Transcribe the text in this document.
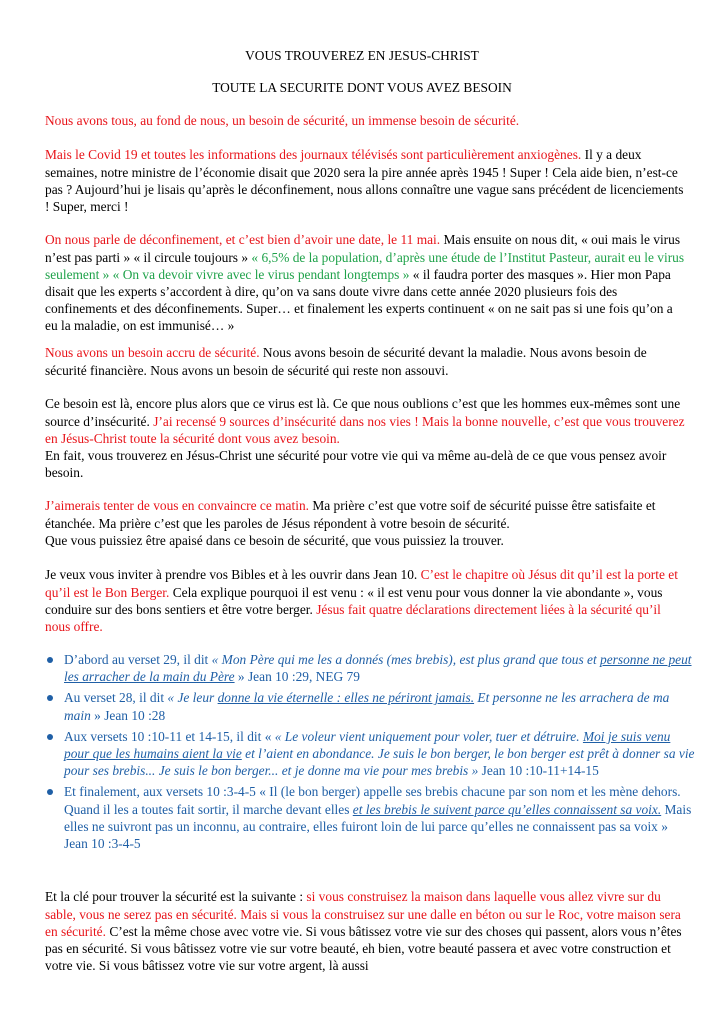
VOUS TROUVEREZ EN JESUS-CHRIST
TOUTE LA SECURITE DONT VOUS AVEZ BESOIN

Nous avons tous, au fond de nous, un besoin de sécurité, un immense besoin de sécurité.

Mais le Covid 19 et toutes les informations des journaux télévisés sont particulièrement anxiogènes. Il y a deux semaines, notre ministre de l’économie disait que 2020 sera la pire année après 1945 ! Super ! Cela aide bien, n’est-ce pas ? Aujourd’hui je lisais qu’après le déconfinement, nous allons connaître une vague sans précédent de licenciements ! Super, merci !

On nous parle de déconfinement, et c’est bien d’avoir une date, le 11 mai. Mais ensuite on nous dit, « oui mais le virus n’est pas parti » « il circule toujours » « 6,5% de la population, d’après une étude de l’Institut Pasteur, aurait eu le virus seulement » « On va devoir vivre avec le virus pendant longtemps » « il faudra porter des masques ». Hier mon Papa disait que les experts s’accordent à dire, qu’on va sans doute vivre dans cette année 2020 plusieurs fois des confinements et des déconfinements. Super… et finalement les experts continuent « on ne sait pas si une fois qu’on a eu la maladie, on est immunisé… »

Nous avons un besoin accru de sécurité. Nous avons besoin de sécurité devant la maladie. Nous avons besoin de sécurité financière. Nous avons un besoin de sécurité qui reste non assouvi.

Ce besoin est là, encore plus alors que ce virus est là. Ce que nous oublions c’est que les hommes eux-mêmes sont une source d’insécurité. J’ai recensé 9 sources d’insécurité dans nos vies ! Mais la bonne nouvelle, c’est que vous trouverez en Jésus-Christ toute la sécurité dont vous avez besoin.
En fait, vous trouverez en Jésus-Christ une sécurité pour votre vie qui va même au-delà de ce que vous pensez avoir besoin.

J’aimerais tenter de vous en convaincre ce matin. Ma prière c’est que votre soif de sécurité puisse être satisfaite et étanchée. Ma prière c’est que les paroles de Jésus répondent à votre besoin de sécurité.
Que vous puissiez être apaisé dans ce besoin de sécurité, que vous puissiez la trouver.

Je veux vous inviter à prendre vos Bibles et à les ouvrir dans Jean 10. C’est le chapitre où Jésus dit qu’il est la porte et qu’il est le Bon Berger. Cela explique pourquoi il est venu : « il est venu pour vous donner la vie abondante », vous conduire sur des bons sentiers et être votre berger. Jésus fait quatre déclarations directement liées à la sécurité qu’il nous offre.

D’abord au verset 29, il dit « Mon Père qui me les a donnés (mes brebis), est plus grand que tous et personne ne peut les arracher de la main du Père » Jean 10 :29, NEG 79
Au verset 28, il dit « Je leur donne la vie éternelle : elles ne périront jamais. Et personne ne les arrachera de ma main » Jean 10 :28
Aux versets 10 :10-11 et 14-15, il dit « « Le voleur vient uniquement pour voler, tuer et détruire. Moi je suis venu pour que les humains aient la vie et l’aient en abondance. Je suis le bon berger, le bon berger est prêt à donner sa vie pour ses brebis... Je suis le bon berger... et je donne ma vie pour mes brebis » Jean 10 :10-11+14-15
Et finalement, aux versets 10 :3-4-5 « Il (le bon berger) appelle ses brebis chacune par son nom et les mène dehors. Quand il les a toutes fait sortir, il marche devant elles et les brebis le suivent parce qu’elles connaissent sa voix. Mais elles ne suivront pas un inconnu, au contraire, elles fuiront loin de lui parce qu’elles ne connaissent pas sa voix » Jean 10 :3-4-5

Et la clé pour trouver la sécurité est la suivante : si vous construisez la maison dans laquelle vous allez vivre sur du sable, vous ne serez pas en sécurité. Mais si vous la construisez sur une dalle en béton ou sur le Roc, votre maison sera en sécurité. C’est la même chose avec votre vie. Si vous bâtissez votre vie sur des choses qui passent, alors vous n’êtes pas en sécurité. Si vous bâtissez votre vie sur votre beauté, eh bien, votre beauté passera et avec votre construction et votre vie. Si vous bâtissez votre vie sur votre argent, là aussi
